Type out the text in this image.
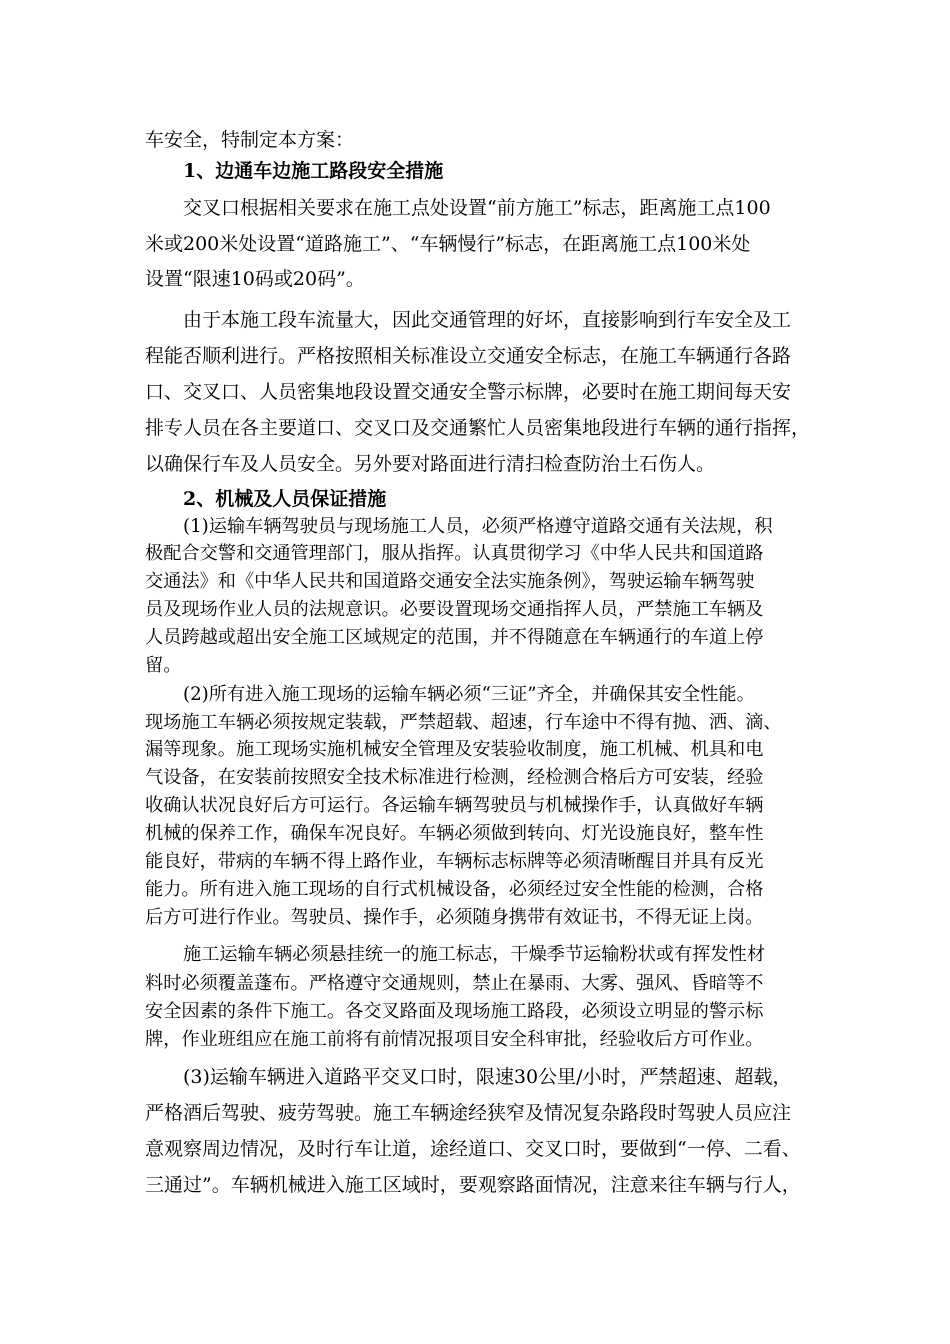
车安全，特制定本方案：

1、边通车边施工路段安全措施

交叉口根据相关要求在施工点处设置“前方施工”标志，距离施工点100

米或200米处设置“道路施工”、“车辆慢行”标志，在距离施工点100米处

设置“限速10码或20码”。

由于本施工段车流量大，因此交通管理的好坏，直接影响到行车安全及工

程能否顺利进行。严格按照相关标准设立交通安全标志，在施工车辆通行各路

口、交叉口、人员密集地段设置交通安全警示标牌，必要时在施工期间每天安

排专人员在各主要道口、交叉口及交通繁忙人员密集地段进行车辆的通行指挥，

以确保行车及人员安全。另外要对路面进行清扫检查防治土石伤人。

2、机械及人员保证措施

(1)运输车辆驾驶员与现场施工人员，必须严格遵守道路交通有关法规，积

极配合交警和交通管理部门，服从指挥。认真贯彻学习《中华人民共和国道路

交通法》和《中华人民共和国道路交通安全法实施条例》，驾驶运输车辆驾驶

员及现场作业人员的法规意识。必要设置现场交通指挥人员，严禁施工车辆及

人员跨越或超出安全施工区域规定的范围，并不得随意在车辆通行的车道上停

留。

(2)所有进入施工现场的运输车辆必须“三证”齐全，并确保其安全性能。

现场施工车辆必须按规定装载，严禁超载、超速，行车途中不得有抛、洒、滴、

漏等现象。施工现场实施机械安全管理及安装验收制度，施工机械、机具和电

气设备，在安装前按照安全技术标准进行检测，经检测合格后方可安装，经验

收确认状况良好后方可运行。各运输车辆驾驶员与机械操作手，认真做好车辆

机械的保养工作，确保车况良好。车辆必须做到转向、灯光设施良好，整车性

能良好，带病的车辆不得上路作业，车辆标志标牌等必须清晰醒目并具有反光

能力。所有进入施工现场的自行式机械设备，必须经过安全性能的检测，合格

后方可进行作业。驾驶员、操作手，必须随身携带有效证书，不得无证上岗。

施工运输车辆必须悬挂统一的施工标志，干燥季节运输粉状或有挥发性材

料时必须覆盖蓬布。严格遵守交通规则，禁止在暴雨、大雾、强风、昏暗等不

安全因素的条件下施工。各交叉路面及现场施工路段，必须设立明显的警示标

牌，作业班组应在施工前将有前情况报项目安全科审批，经验收后方可作业。

(3)运输车辆进入道路平交叉口时，限速30公里/小时，严禁超速、超载，

严格酒后驾驶、疲劳驾驶。施工车辆途经狭窄及情况复杂路段时驾驶人员应注

意观察周边情况，及时行车让道，途经道口、交叉口时，要做到“一停、二看、

三通过”。车辆机械进入施工区域时，要观察路面情况，注意来往车辆与行人，
